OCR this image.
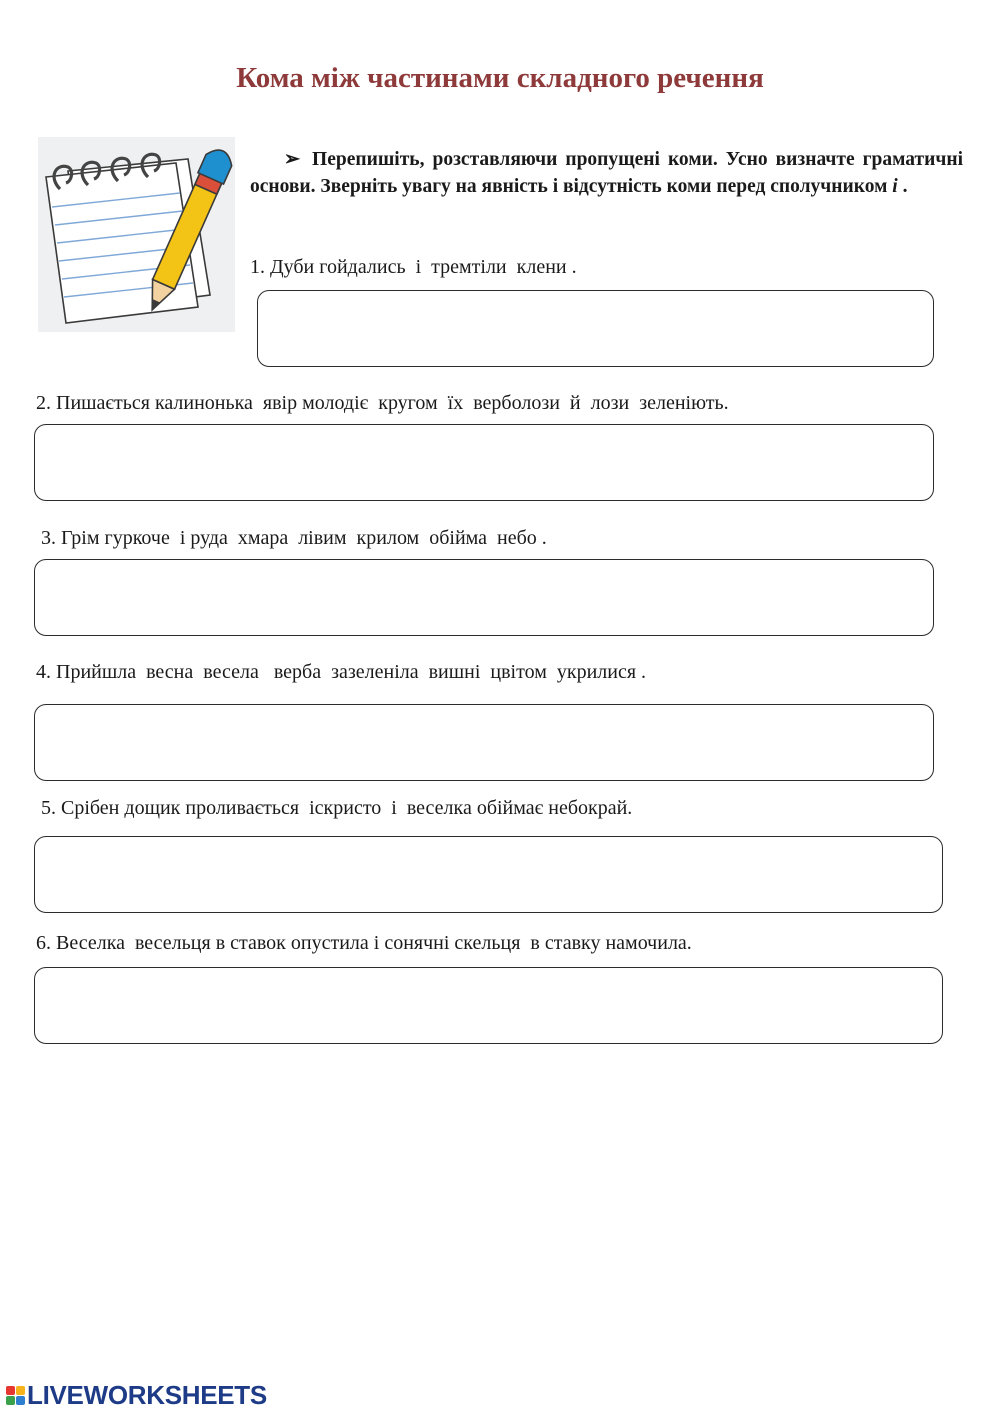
Кома між частинами складного речення
➢ Перепишіть, розставляючи пропущені коми. Усно визначте граматичні основи. Зверніть увагу на явність і відсутність коми перед сполучником і .
1. Дуби гойдались  і  тремтіли  клени .
2. Пишається калинонька  явір молодіє  кругом  їх  верболози  й  лози  зеленіють.
3. Грім гуркоче  і руда  хмара  лівим  крилом  обійма  небо .
4. Прийшла  весна  весела   верба  зазеленіла  вишні  цвітом  укрилися .
5. Срібен дощик проливається  іскристо  і  веселка обіймає небокрай.
6. Веселка  весельця в ставок опустила і сонячні скельця  в ставку намочила.
LIVEWORKSHEETS
